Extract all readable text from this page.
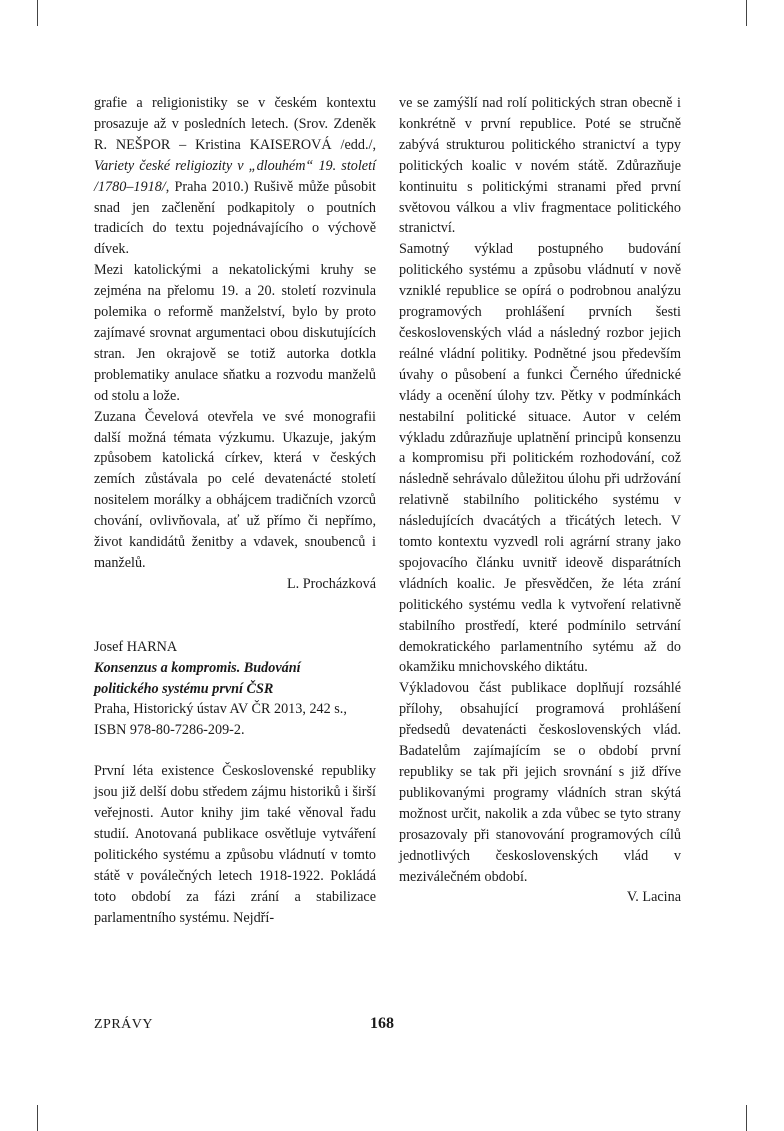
grafie a religionistiky se v českém kontextu prosazuje až v posledních letech. (Srov. Zdeněk R. NEŠPOR – Kristina KAISEROVÁ /edd./, Variety české religiozity v „dlouhém“ 19. století /1780–1918/, Praha 2010.) Rušivě může působit snad jen začlenění podkapitoly o poutních tradicích do textu pojednávajícího o výchově dívek.

Mezi katolickými a nekatolickými kruhy se zejména na přelomu 19. a 20. století rozvinula polemika o reformě manželství, bylo by proto zajímavé srovnat argumentaci obou diskutujících stran. Jen okrajově se totiž autorka dotkla problematiky anulace sňatku a rozvodu manželů od stolu a lože.

Zuzana Čevelová otevřela ve své monografii další možná témata výzkumu. Ukazuje, jakým způsobem katolická církev, která v českých zemích zůstávala po celé devatenácté století nositelem morálky a obhájcem tradičních vzorců chování, ovlivňovala, ať už přímo či nepřímo, život kandidátů ženitby a vdavek, snoubenců i manželů.

L. Procházková

Josef HARNA

Konsenzus a kompromis. Budování

politického systému první ČSR

Praha, Historický ústav AV ČR 2013, 242 s.,

ISBN 978-80-7286-209-2.

První léta existence Československé republiky jsou již delší dobu středem zájmu historiků i širší veřejnosti. Autor knihy jim také věnoval řadu studií. Anotovaná publikace osvětluje vytváření politického systému a způsobu vládnutí v tomto státě v poválečných letech 1918-1922. Pokládá toto období za fázi zrání a stabilizace parlamentního systému. Nejdří-

ve se zamýšlí nad rolí politických stran obecně i konkrétně v první republice. Poté se stručně zabývá strukturou politického stranictví a typy politických koalic v novém státě. Zdůrazňuje kontinuitu s politickými stranami před první světovou válkou a vliv fragmentace politického stranictví.

Samotný výklad postupného budování politického systému a způsobu vládnutí v nově vzniklé republice se opírá o podrobnou analýzu programových prohlášení prvních šesti československých vlád a následný rozbor jejich reálné vládní politiky. Podnětné jsou především úvahy o působení a funkci Černého úřednické vlády a ocenění úlohy tzv. Pětky v podmínkách nestabilní politické situace. Autor v celém výkladu zdůrazňuje uplatnění principů konsenzu a kompromisu při politickém rozhodování, což následně sehrávalo důležitou úlohu při udržování relativně stabilního politického systému v následujících dvacátých a třicátých letech. V tomto kontextu vyzvedl roli agrární strany jako spojovacího článku uvnitř ideově disparátních vládních koalic. Je přesvědčen, že léta zrání politického systému vedla k vytvoření relativně stabilního prostředí, které podmínilo setrvání demokratického parlamentního sytému až do okamžiku mnichovského diktátu.

Výkladovou část publikace doplňují rozsáhlé přílohy, obsahující programová prohlášení předsedů devatenácti československých vlád. Badatelům zajímajícím se o období první republiky se tak při jejich srovnání s již dříve publikovanými programy vládních stran skýtá možnost určit, nakolik a zda vůbec se tyto strany prosazovaly při stanovování programových cílů jednotlivých československých vlád v meziválečném období.

V. Lacina

ZPRÁVY	168
